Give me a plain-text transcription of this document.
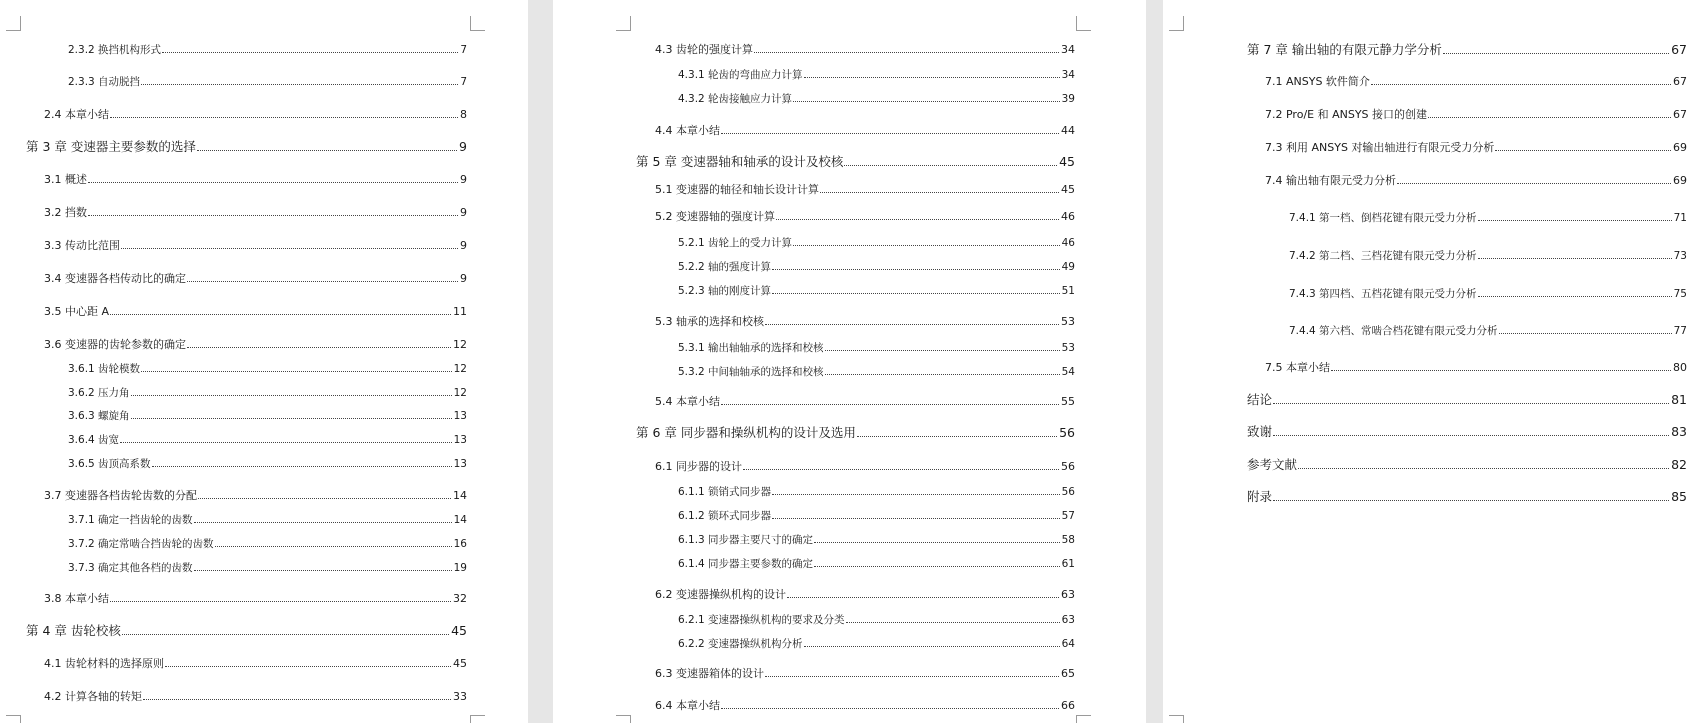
2.3.2 换挡机构形式	7
2.3.3 自动脱挡	7
2.4 本章小结	8
第 3 章 变速器主要参数的选择	9
3.1 概述	9
3.2 挡数	9
3.3 传动比范围	9
3.4 变速器各档传动比的确定	9
3.5 中心距 A	11
3.6 变速器的齿轮参数的确定	12
3.6.1 齿轮模数	12
3.6.2 压力角	12
3.6.3 螺旋角	13
3.6.4 齿宽	13
3.6.5 齿顶高系数	13
3.7 变速器各档齿轮齿数的分配	14
3.7.1 确定一挡齿轮的齿数	14
3.7.2 确定常啮合挡齿轮的齿数	16
3.7.3 确定其他各档的齿数	19
3.8 本章小结	32
第 4 章 齿轮校核	45
4.1 齿轮材料的选择原则	45
4.2 计算各轴的转矩	33
4.3 齿轮的强度计算	34
4.3.1 轮齿的弯曲应力计算	34
4.3.2 轮齿接触应力计算	39
4.4 本章小结	44
第 5 章 变速器轴和轴承的设计及校核	45
5.1 变速器的轴径和轴长设计计算	45
5.2 变速器轴的强度计算	46
5.2.1 齿轮上的受力计算	46
5.2.2 轴的强度计算	49
5.2.3 轴的刚度计算	51
5.3 轴承的选择和校核	53
5.3.1 输出轴轴承的选择和校核	53
5.3.2 中间轴轴承的选择和校核	54
5.4 本章小结	55
第 6 章 同步器和操纵机构的设计及选用	56
6.1 同步器的设计	56
6.1.1 锁销式同步器	56
6.1.2 锁环式同步器	57
6.1.3 同步器主要尺寸的确定	58
6.1.4 同步器主要参数的确定	61
6.2 变速器操纵机构的设计	63
6.2.1 变速器操纵机构的要求及分类	63
6.2.2 变速器操纵机构分析	64
6.3 变速器箱体的设计	65
6.4 本章小结	66
第 7 章 输出轴的有限元静力学分析	67
7.1 ANSYS 软件简介	67
7.2 Pro/E 和 ANSYS 接口的创建	67
7.3 利用 ANSYS 对输出轴进行有限元受力分析	69
7.4 输出轴有限元受力分析	69
7.4.1 第一档、倒档花键有限元受力分析	71
7.4.2 第二档、三档花键有限元受力分析	73
7.4.3 第四档、五档花键有限元受力分析	75
7.4.4 第六档、常啮合档花键有限元受力分析	77
7.5 本章小结	80
结论	81
致谢	83
参考文献	82
附录	85
